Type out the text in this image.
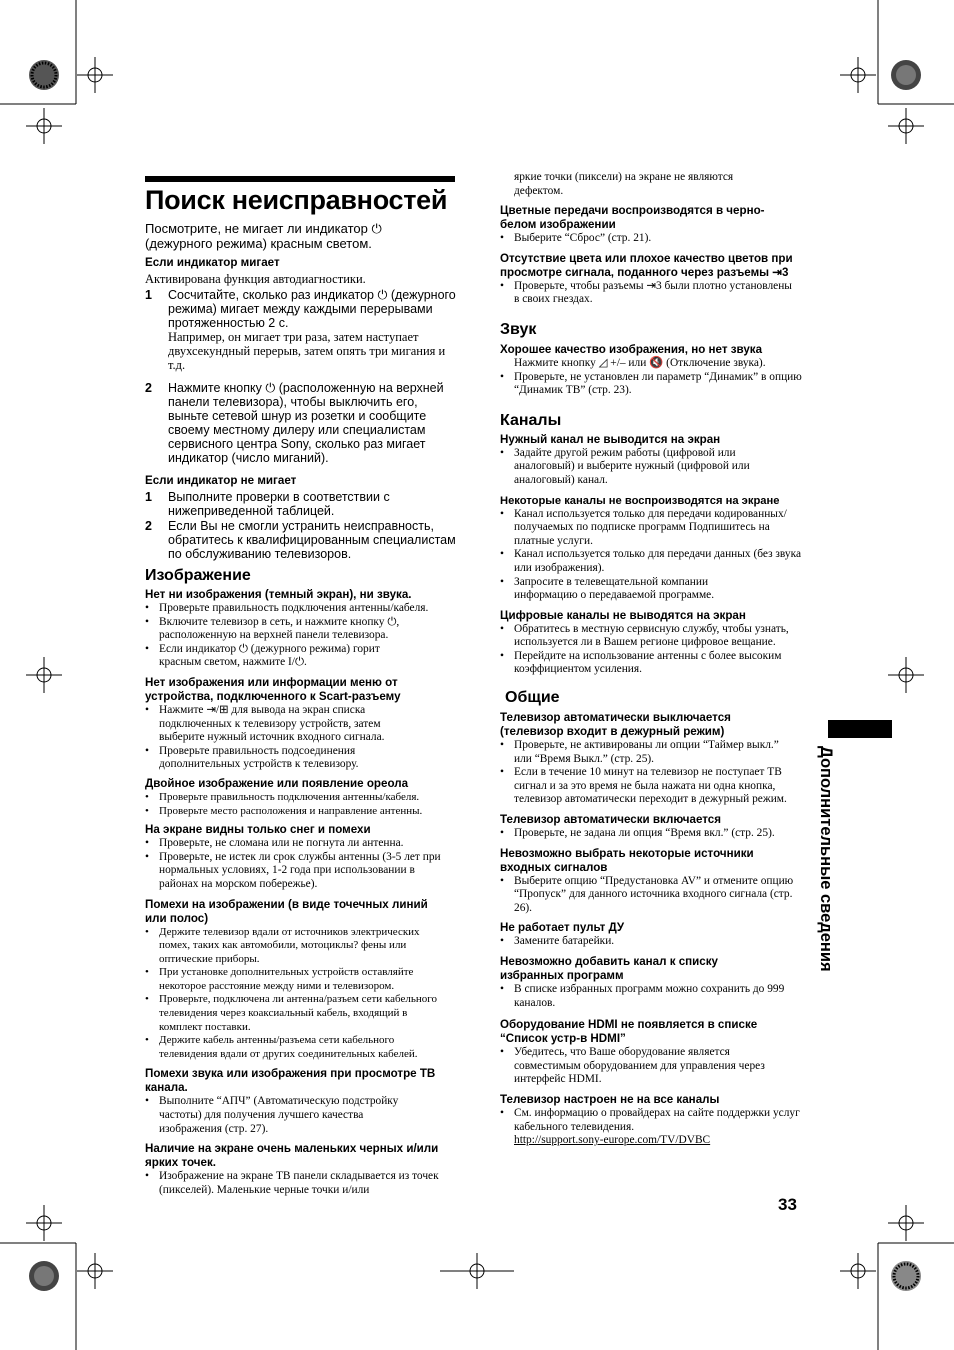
Поиск неисправностей

Посмотрите, не мигает ли индикатор ⏻ (дежурного режима) красным светом.

Если индикатор мигает
Активирована функция автодиагностики.
1 Сосчитайте, сколько раз индикатор ⏻ (дежурного режима) мигает между каждыми перерывами протяженностью 2 с.
Например, он мигает три раза, затем наступает двухсекундный перерыв, затем опять три мигания и т.д.
2 Нажмите кнопку ⏻ (расположенную на верхней панели телевизора), чтобы выключить его, выньте сетевой шнур из розетки и сообщите своему местному дилеру или специалистам сервисного центра Sony, сколько раз мигает индикатор (число миганий).
Если индикатор не мигает
1 Выполните проверки в соответствии с нижеприведенной таблицей.
2 Если Вы не смогли устранить неисправность, обратитесь к квалифицированным специалистам по обслуживанию телевизоров.
Изображение
Нет ни изображения (темный экран), ни звука.
• Проверьте правильность подключения антенны/кабеля.
• Включите телевизор в сеть, и нажмите кнопку ⏻, расположенную на верхней панели телевизора.
• Если индикатор ⏻ (дежурного режима) горит красным светом, нажмите I/⏻.
Нет изображения или информации меню от устройства, подключенного к Scart-разъему
• Нажмите ⇥/⊞ для вывода на экран списка подключенных к телевизору устройств, затем выберите нужный источник входного сигнала.
• Проверьте правильность подсоединения дополнительных устройств к телевизору.
Двойное изображение или появление ореола
• Проверьте правильность подключения антенны/кабеля.
• Проверьте место расположения и направление антенны.
На экране видны только снег и помехи
• Проверьте, не сломана или не погнута ли антенна.
• Проверьте, не истек ли срок службы антенны (3-5 лет при нормальных условиях, 1-2 года при использовании в районах на морском побережье).
Помехи на изображении (в виде точечных линий или полос)
• Держите телевизор вдали от источников электрических помех, таких как автомобили, мотоциклы? фены или оптические приборы.
• При установке дополнительных устройств оставляйте некоторое расстояние между ними и телевизором.
• Проверьте, подключена ли антенна/разъем сети кабельного телевидения через коаксиальный кабель, входящий в комплект поставки.
• Держите кабель антенны/разъема сети кабельного телевидения вдали от других соединительных кабелей.
Помехи звука или изображения при просмотре ТВ канала.
• Выполните “АПЧ” (Автоматическую подстройку частоты) для получения лучшего качества изображения (стр. 27).
Наличие на экране очень маленьких черных и/или ярких точек.
• Изображение на экране ТВ панели складывается из точек (пикселей). Маленькие черные точки и/или
яркие точки (пиксели) на экране не являются дефектом.
Цветные передачи воспроизводятся в черно-белом изображении
• Выберите “Сброс” (стр. 21).
Отсутствие цвета или плохое качество цветов при просмотре сигнала, поданного через разъемы ⇥3
• Проверьте, чтобы разъемы ⇥3 были плотно установлены в своих гнездах.
Звук
Хорошее качество изображения, но нет звука
Нажмите кнопку ◿ +/– или 🔇 (Отключение звука).
• Проверьте, не установлен ли параметр “Динамик” в опцию “Динамик ТВ” (стр. 23).
Каналы
Нужный канал не выводится на экран
• Задайте другой режим работы (цифровой или аналоговый) и выберите нужный (цифровой или аналоговый) канал.
Некоторые каналы не воспроизводятся на экране
• Канал используется только для передачи кодированных/получаемых по подписке программ Подпишитесь на платные услуги.
• Канал используется только для передачи данных (без звука или изображения).
• Запросите в телевещательной компании информацию о передаваемой программе.
Цифровые каналы не выводятся на экран
• Обратитесь в местную сервисную службу, чтобы узнать, используется ли в Вашем регионе цифровое вещание.
• Перейдите на использование антенны с более высоким коэффициентом усиления.
Общие
Телевизор автоматически выключается (телевизор входит в дежурный режим)
• Проверьте, не активированы ли опции “Таймер выкл.” или “Время Выкл.” (стр. 25).
• Если в течение 10 минут на телевизор не поступает ТВ сигнал и за это время не была нажата ни одна кнопка, телевизор автоматически переходит в дежурный режим.
Телевизор автоматически включается
• Проверьте, не задана ли опция “Время вкл.” (стр. 25).
Невозможно выбрать некоторые источники входных сигналов
• Выберите опцию “Предустановка AV” и отмените опцию “Пропуск” для данного источника входного сигнала (стр. 26).
Не работает пульт ДУ
• Замените батарейки.
Невозможно добавить канал к списку избранных программ
• В списке избранных программ можно сохранить до 999 каналов.
Оборудование HDMI не появляется в списке “Список устр-в HDMI”
• Убедитесь, что Ваше оборудование является совместимым оборудованием для управления через интерфейс HDMI.
Телевизор настроен не на все каналы
• См. информацию о провайдерах на сайте поддержки услуг кабельного телевидения.
http://support.sony-europe.com/TV/DVBC
Дополнительные сведения
33
